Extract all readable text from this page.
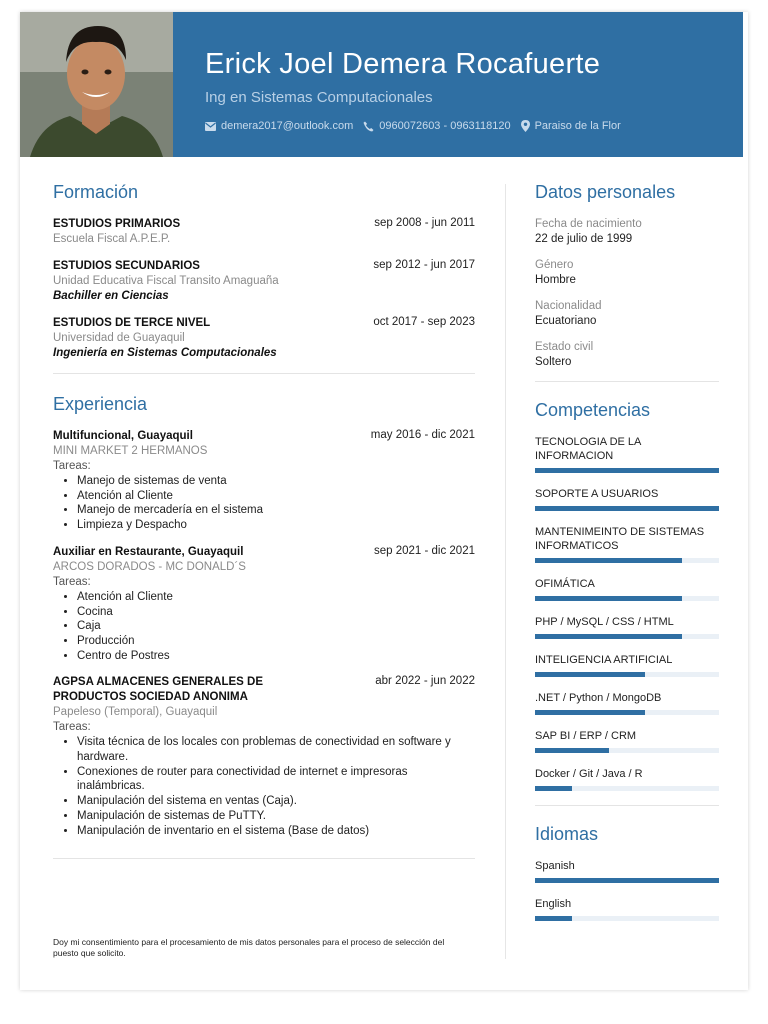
Erick Joel Demera Rocafuerte
Ing en Sistemas Computacionales
demera2017@outlook.com 0960072603 - 0963118120 Paraiso de la Flor
Formación
ESTUDIOS PRIMARIOS	sep 2008 - jun 2011
Escuela Fiscal A.P.E.P.
ESTUDIOS SECUNDARIOS	sep 2012 - jun 2017
Unidad Educativa Fiscal Transito Amaguaña
Bachiller en Ciencias
ESTUDIOS DE TERCE NIVEL	oct 2017 - sep 2023
Universidad de Guayaquil
Ingeniería en Sistemas Computacionales
Experiencia
Multifuncional, Guayaquil	may 2016 - dic 2021
MINI MARKET 2 HERMANOS
Tareas:
• Manejo de sistemas de venta
• Atención al Cliente
• Manejo de mercadería en el sistema
• Limpieza y Despacho
Auxiliar en Restaurante, Guayaquil	sep 2021 - dic 2021
ARCOS DORADOS - MC DONALD´S
Tareas:
• Atención al Cliente
• Cocina
• Caja
• Producción
• Centro de Postres
AGPSA ALMACENES GENERALES DE PRODUCTOS SOCIEDAD ANONIMA
abr 2022 - jun 2022
Papeleso (Temporal), Guayaquil
Tareas:
• Visita técnica de los locales con problemas de conectividad en software y hardware.
• Conexiones de router para conectividad de internet e impresoras inalámbricas.
• Manipulación del sistema en ventas (Caja).
• Manipulación de sistemas de PuTTY.
• Manipulación de inventario en el sistema (Base de datos)
Doy mi consentimiento para el procesamiento de mis datos personales para el proceso de selección del puesto que solicito.
Datos personales
Fecha de nacimiento
22 de julio de 1999
Género
Hombre
Nacionalidad
Ecuatoriano
Estado civil
Soltero
Competencias
TECNOLOGIA DE LA INFORMACION
SOPORTE A USUARIOS
MANTENIMEINTO DE SISTEMAS INFORMATICOS
OFIMÁTICA
PHP / MySQL / CSS / HTML
INTELIGENCIA ARTIFICIAL
.NET / Python / MongoDB
SAP BI / ERP / CRM
Docker / Git / Java / R
Idiomas
Spanish
English
